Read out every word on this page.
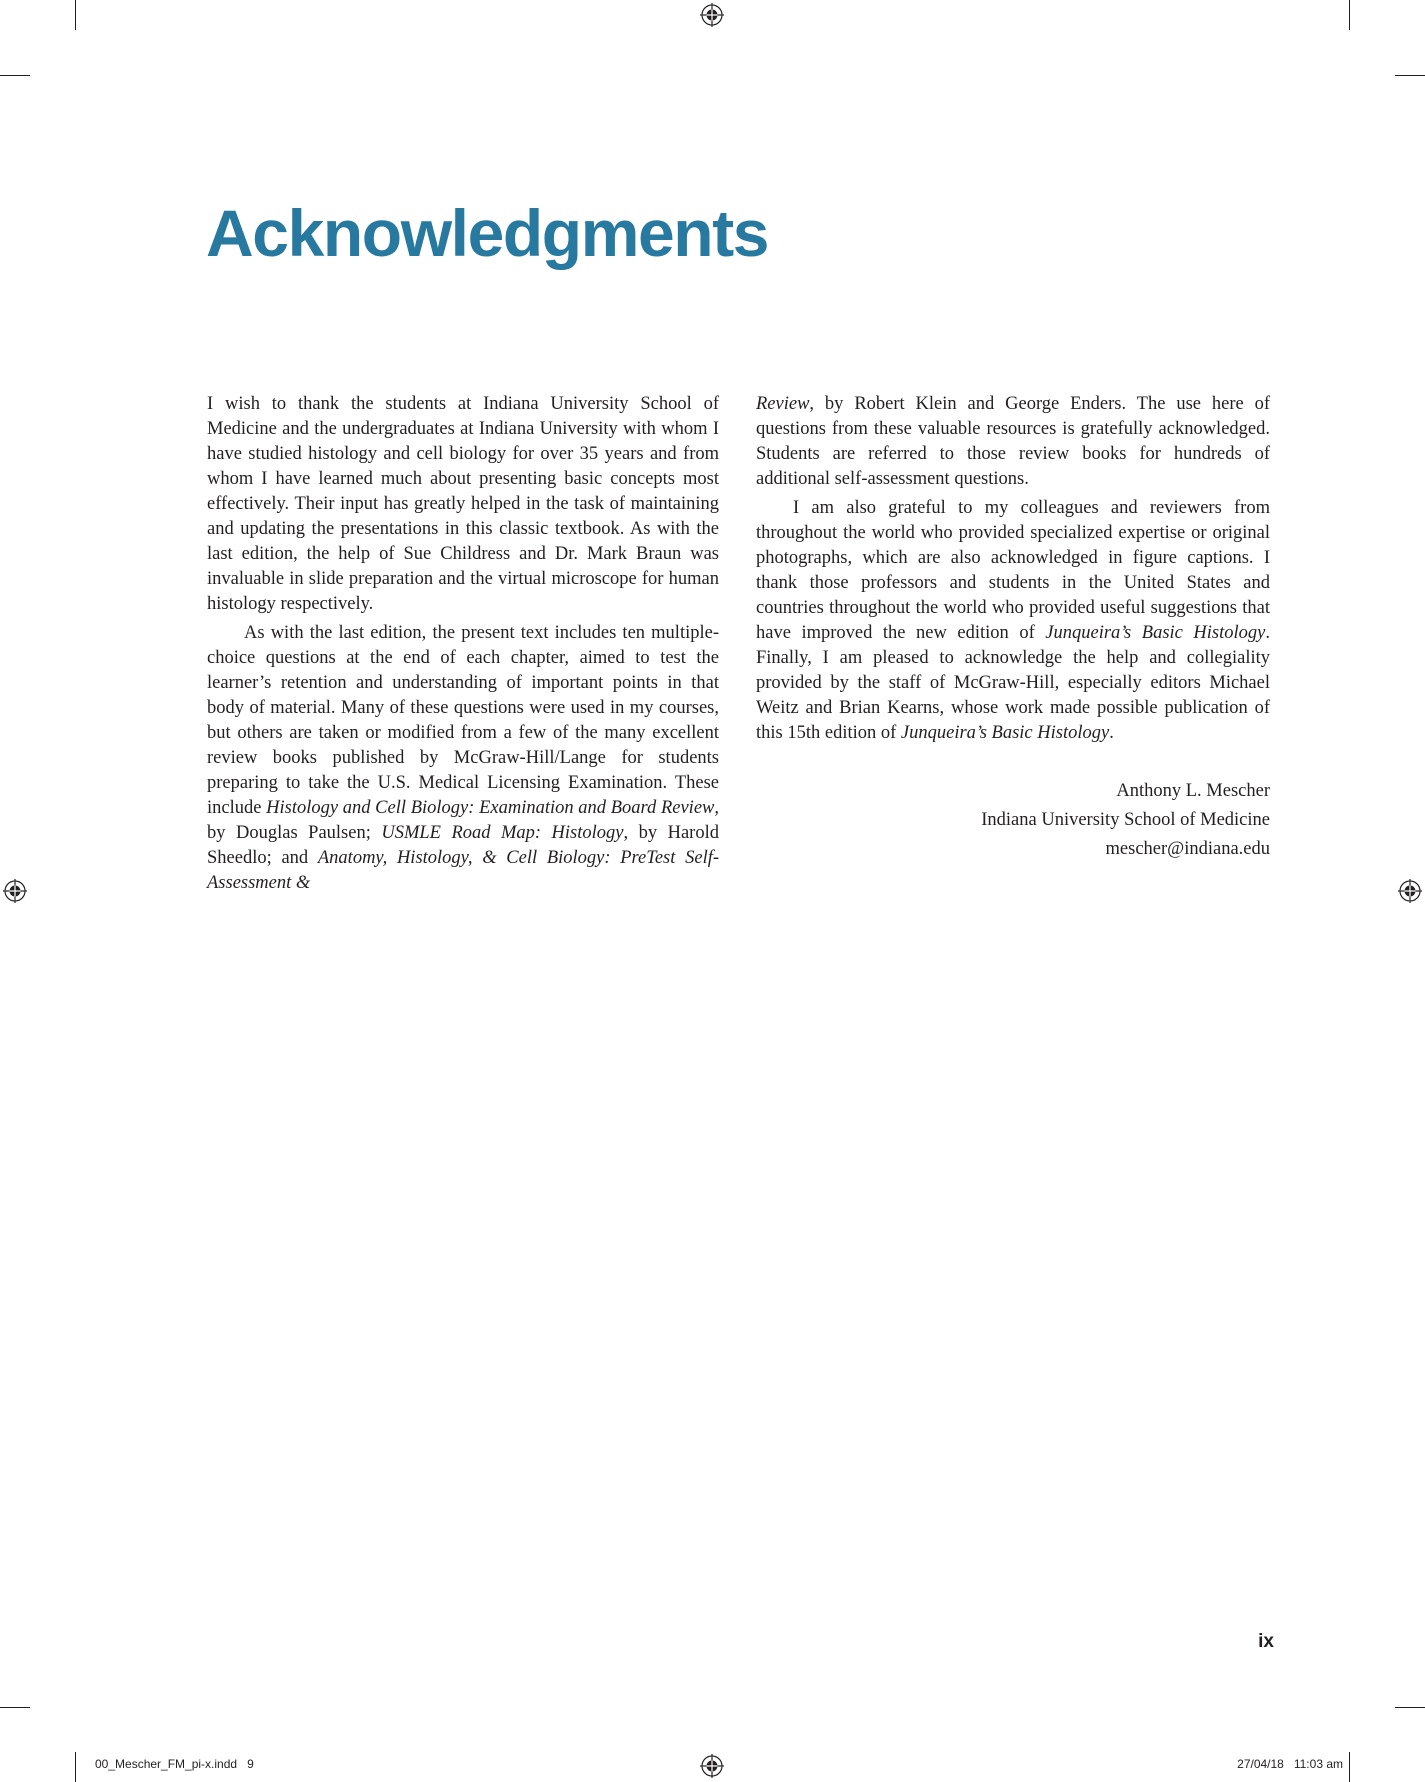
Acknowledgments

I wish to thank the students at Indiana University School of Medicine and the undergraduates at Indiana University with whom I have studied histology and cell biology for over 35 years and from whom I have learned much about presenting basic concepts most effectively. Their input has greatly helped in the task of maintaining and updating the presentations in this classic textbook. As with the last edition, the help of Sue Childress and Dr. Mark Braun was invaluable in slide preparation and the virtual microscope for human histology respectively.

As with the last edition, the present text includes ten multiple-choice questions at the end of each chapter, aimed to test the learner’s retention and understanding of important points in that body of material. Many of these questions were used in my courses, but others are taken or modified from a few of the many excellent review books published by McGraw-Hill/Lange for students preparing to take the U.S. Medical Licensing Examination. These include Histology and Cell Biology: Examination and Board Review, by Douglas Paulsen; USMLE Road Map: Histology, by Harold Sheedlo; and Anatomy, Histology, & Cell Biology: PreTest Self-Assessment &

Review, by Robert Klein and George Enders. The use here of questions from these valuable resources is gratefully acknowledged. Students are referred to those review books for hundreds of additional self-assessment questions.

I am also grateful to my colleagues and reviewers from throughout the world who provided specialized expertise or original photographs, which are also acknowledged in figure captions. I thank those professors and students in the United States and countries throughout the world who provided useful suggestions that have improved the new edition of Junqueira’s Basic Histology. Finally, I am pleased to acknowledge the help and collegiality provided by the staff of McGraw-Hill, especially editors Michael Weitz and Brian Kearns, whose work made possible publication of this 15th edition of Junqueira’s Basic Histology.

Anthony L. Mescher
Indiana University School of Medicine
mescher@indiana.edu
ix
00_Mescher_FM_pi-x.indd   9	27/04/18   11:03 am
